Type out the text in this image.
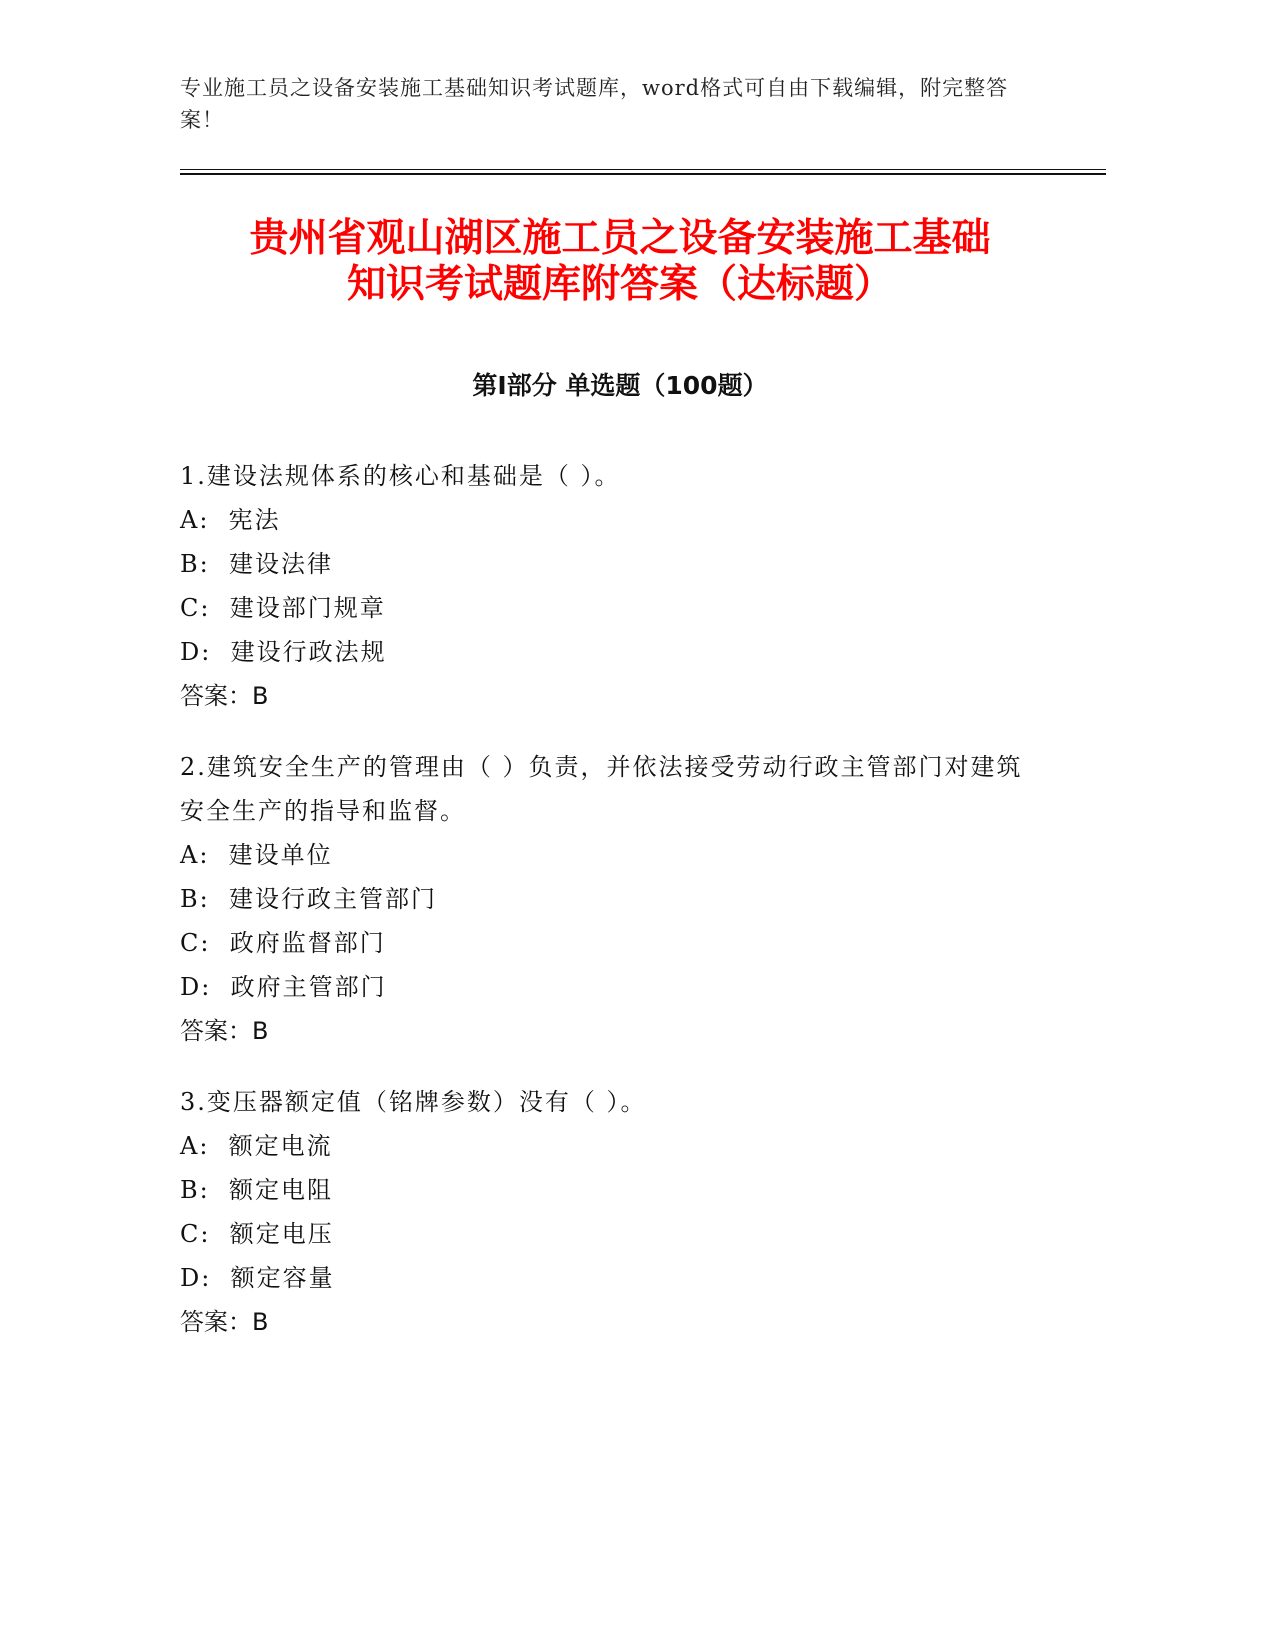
专业施工员之设备安装施工基础知识考试题库，word格式可自由下载编辑，附完整答案！
贵州省观山湖区施工员之设备安装施工基础
知识考试题库附答案（达标题）
第Ⅰ部分 单选题（100题）

1.建设法规体系的核心和基础是（ ）。

A:  宪法

B:  建设法律

C:  建设部门规章

D:  建设行政法规

答案：B

2.建筑安全生产的管理由（ ）负责，并依法接受劳动行政主管部门对建筑安全生产的指导和监督。

A:  建设单位

B:  建设行政主管部门

C:  政府监督部门

D:  政府主管部门

答案：B

3.变压器额定值（铭牌参数）没有（ ）。

A:  额定电流

B:  额定电阻

C:  额定电压

D:  额定容量

答案：B
